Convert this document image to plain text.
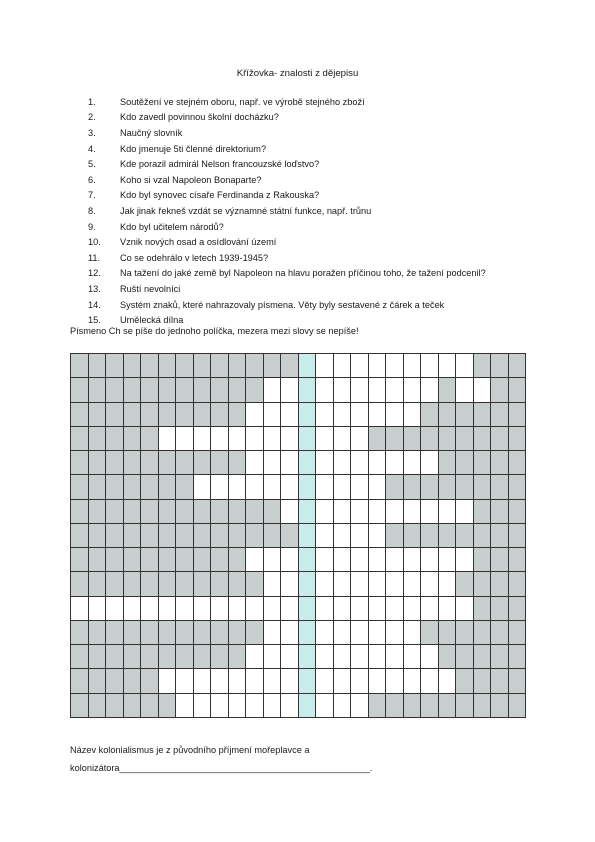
Křížovka- znalosti z dějepisu
1.	Soutěžení ve stejném oboru, např. ve výrobě stejného zboží
2.	Kdo zavedl povinnou školní docházku?
3.	Naučný slovník
4.	Kdo jmenuje 5ti členné direktorium?
5.	Kde porazil admirál Nelson francouzské loďstvo?
6.	Koho si vzal Napoleon Bonaparte?
7.	Kdo byl synovec císaře Ferdinanda z Rakouska?
8.	Jak jinak řekneš vzdát se významné státní funkce, např. trůnu
9.	Kdo byl učitelem národů?
10.	Vznik nových osad a osídlování území
11.	Co se odehrálo v letech 1939-1945?
12.	Na tažení do jaké země byl Napoleon na hlavu poražen příčinou toho, že tažení podcenil?
13.	Ruští nevolníci
14.	Systém znaků, které nahrazovaly písmena. Věty byly sestavené z čárek a teček
15.	Umělecká dílna
Písmeno Ch se píše do jednoho políčka, mezera mezi slovy se nepíše!
Název kolonialismus je z původního příjmení mořeplavce a
kolonizátora_________________________________________________.
